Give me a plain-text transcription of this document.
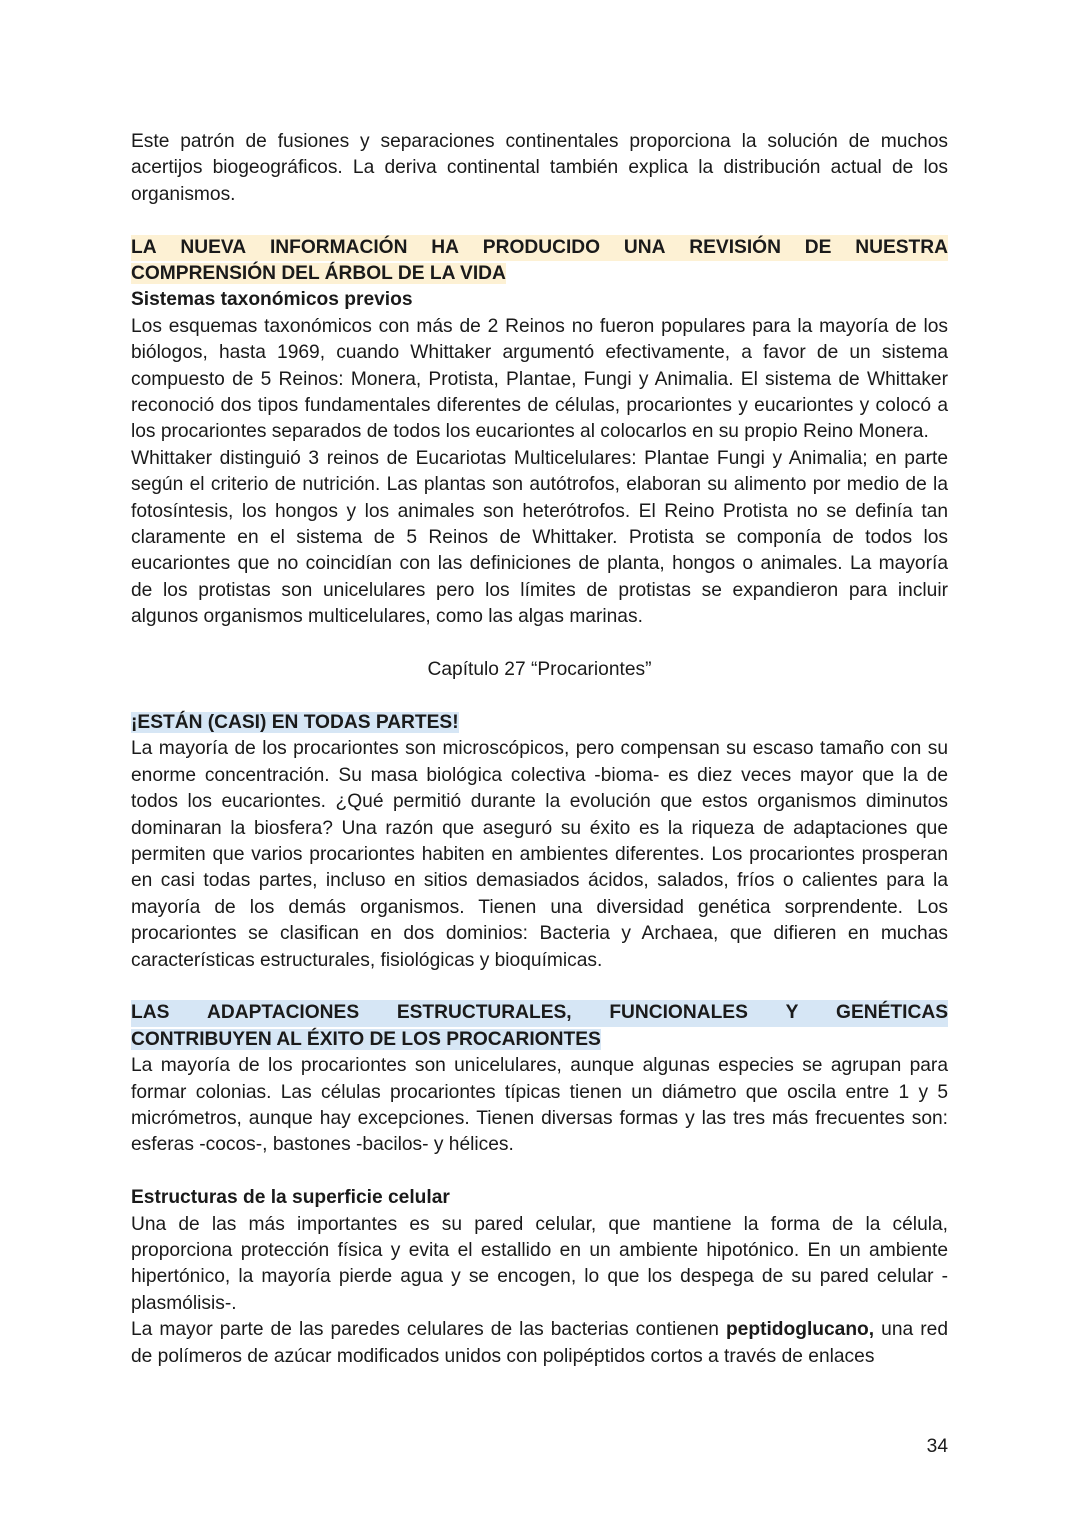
Este patrón de fusiones y separaciones continentales proporciona la solución de muchos acertijos biogeográficos. La deriva continental también explica la distribución actual de los organismos.

LA NUEVA INFORMACIÓN HA PRODUCIDO UNA REVISIÓN DE NUESTRA
COMPRENSIÓN DEL ÁRBOL DE LA VIDA
Sistemas taxonómicos previos

Los esquemas taxonómicos con más de 2 Reinos no fueron populares para la mayoría de los biólogos, hasta 1969, cuando Whittaker argumentó efectivamente, a favor de un sistema compuesto de 5 Reinos: Monera, Protista, Plantae, Fungi y Animalia. El sistema de Whittaker reconoció dos tipos fundamentales diferentes de células, procariontes y eucariontes y colocó a los procariontes separados de todos los eucariontes al colocarlos en su propio Reino Monera.

Whittaker distinguió 3 reinos de Eucariotas Multicelulares: Plantae Fungi y Animalia; en parte según el criterio de nutrición. Las plantas son autótrofos, elaboran su alimento por medio de la fotosíntesis, los hongos y los animales son heterótrofos. El Reino Protista no se definía tan claramente en el sistema de 5 Reinos de Whittaker. Protista se componía de todos los eucariontes que no coincidían con las definiciones de planta, hongos o animales. La mayoría de los protistas son unicelulares pero los límites de protistas se expandieron para incluir algunos organismos multicelulares, como las algas marinas.

Capítulo 27 “Procariontes”
¡ESTÁN (CASI) EN TODAS PARTES!

La mayoría de los procariontes son microscópicos, pero compensan su escaso tamaño con su enorme concentración. Su masa biológica colectiva -bioma- es diez veces mayor que la de todos los eucariontes. ¿Qué permitió durante la evolución que estos organismos diminutos dominaran la biosfera? Una razón que aseguró su éxito es la riqueza de adaptaciones que permiten que varios procariontes habiten en ambientes diferentes. Los procariontes prosperan en casi todas partes, incluso en sitios demasiados ácidos, salados, fríos o calientes para la mayoría de los demás organismos. Tienen una diversidad genética sorprendente. Los procariontes se clasifican en dos dominios: Bacteria y Archaea, que difieren en muchas características estructurales, fisiológicas y bioquímicas.

LAS ADAPTACIONES ESTRUCTURALES, FUNCIONALES Y GENÉTICAS
CONTRIBUYEN AL ÉXITO DE LOS PROCARIONTES

La mayoría de los procariontes son unicelulares, aunque algunas especies se agrupan para formar colonias. Las células procariontes típicas tienen un diámetro que oscila entre 1 y 5 micrómetros, aunque hay excepciones. Tienen diversas formas y las tres más frecuentes son: esferas -cocos-, bastones -bacilos- y hélices.

Estructuras de la superficie celular

Una de las más importantes es su pared celular, que mantiene la forma de la célula, proporciona protección física y evita el estallido en un ambiente hipotónico. En un ambiente hipertónico, la mayoría pierde agua y se encogen, lo que los despega de su pared celular -plasmólisis-.

La mayor parte de las paredes celulares de las bacterias contienen peptidoglucano, una red de polímeros de azúcar modificados unidos con polipéptidos cortos a través de enlaces

34
